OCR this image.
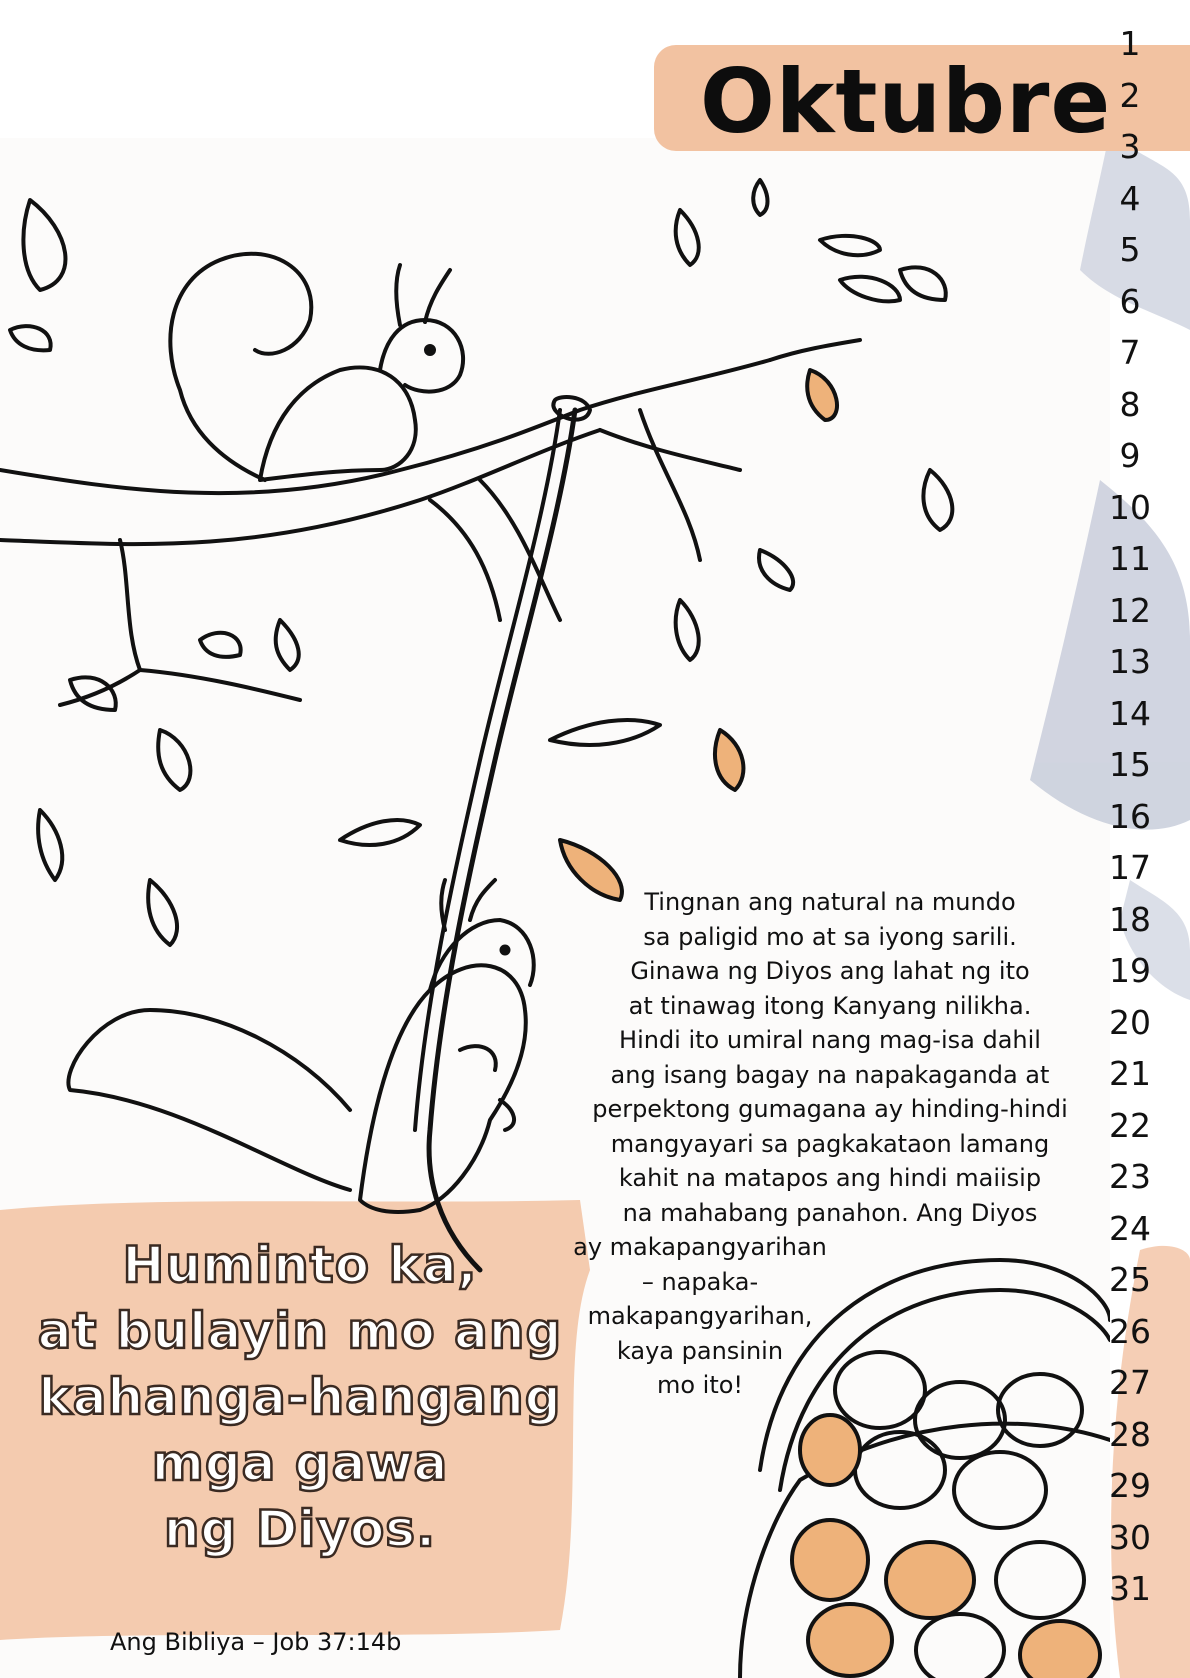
Oktubre
1
2
3
4
5
6
7
8
9
10
11
12
13
14
15
16
17
18
19
20
21
22
23
24
25
26
27
28
29
30
31
Tingnan ang natural na mundo
sa paligid mo at sa iyong sarili.
Ginawa ng Diyos ang lahat ng ito
at tinawag itong Kanyang nilikha.
Hindi ito umiral nang mag-isa dahil
ang isang bagay na napakaganda at
perpektong gumagana ay hinding-hindi
mangyayari sa pagkakataon lamang
kahit na matapos ang hindi maiisip
na mahabang panahon. Ang Diyos
ay makapangyarihan
– napaka-
makapangyarihan,
kaya pansinin
mo ito!
Huminto ka,
at bulayin mo ang
kahanga-hangang
mga gawa
ng Diyos.
Ang Bibliya – Job 37:14b
